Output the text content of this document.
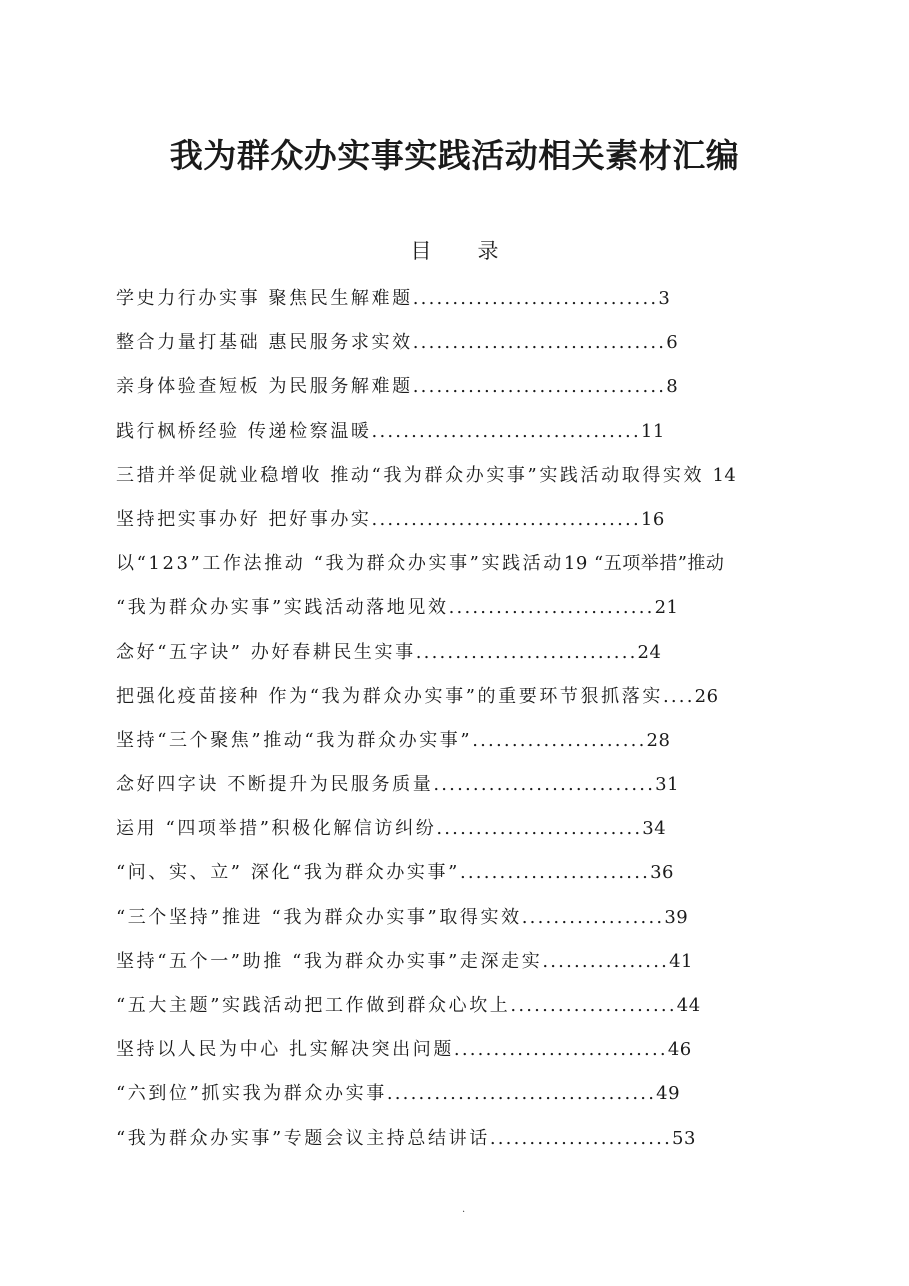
我为群众办实事实践活动相关素材汇编
目 录
学史力行办实事 聚焦民生解难题...............................3
整合力量打基础 惠民服务求实效................................6
亲身体验查短板 为民服务解难题................................8
践行枫桥经验 传递检察温暖..................................11
三措并举促就业稳增收 推动“我为群众办实事”实践活动取得实效 14
坚持把实事办好 把好事办实..................................16
以“123”工作法推动 “我为群众办实事”实践活动19 “五项举措”推动
“我为群众办实事”实践活动落地见效..........................21
念好“五字诀” 办好春耕民生实事............................24
把强化疫苗接种 作为“我为群众办实事”的重要环节狠抓落实....26
坚持“三个聚焦”推动“我为群众办实事”......................28
念好四字诀 不断提升为民服务质量............................31
运用 “四项举措”积极化解信访纠纷..........................34
“问、实、立” 深化“我为群众办实事”........................36
“三个坚持”推进 “我为群众办实事”取得实效..................39
坚持“五个一”助推 “我为群众办实事”走深走实................41
“五大主题”实践活动把工作做到群众心坎上.....................44
坚持以人民为中心 扎实解决突出问题...........................46
“六到位”抓实我为群众办实事..................................49
“我为群众办实事”专题会议主持总结讲话.......................53
.
